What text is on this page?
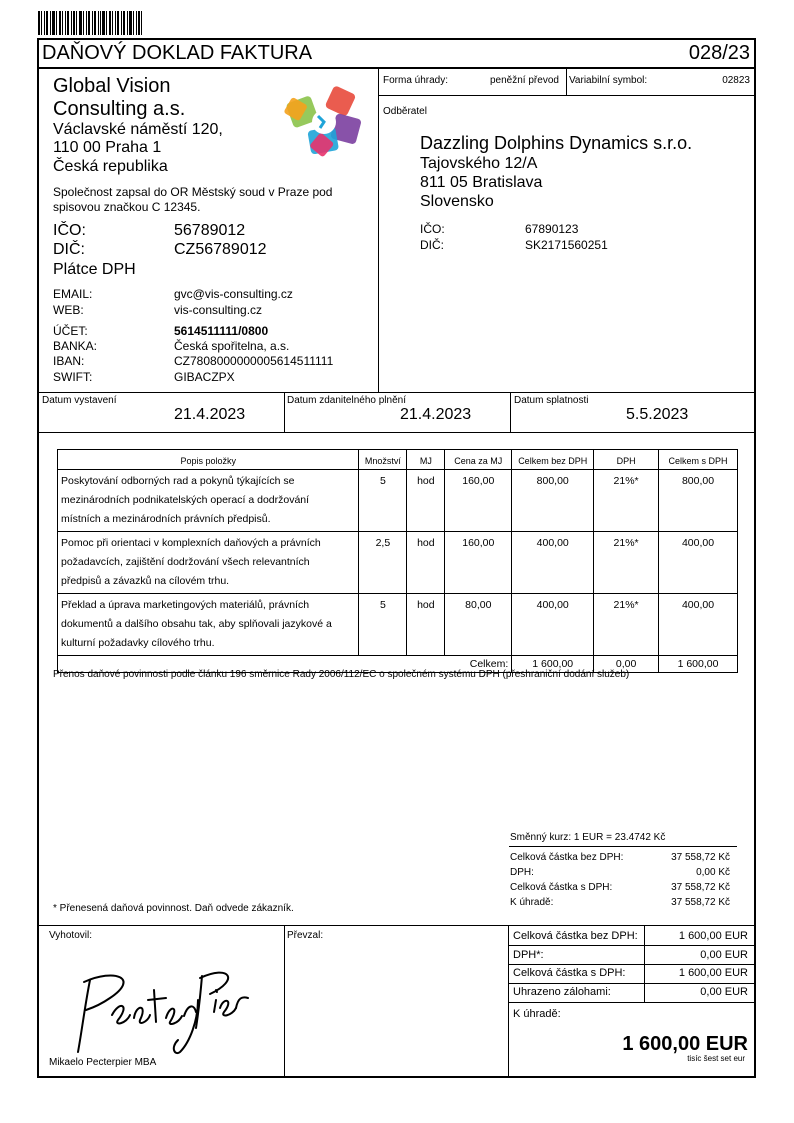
DAŇOVÝ DOKLAD FAKTURA	028/23
Global Vision
Consulting a.s.
Václavské náměstí 120,
110 00 Praha 1
Česká republika
Společnost zapsal do OR Městský soud v Praze pod
spisovou značkou C 12345.
IČO:	56789012
DIČ:	CZ56789012
Plátce DPH
EMAIL:	gvc@vis-consulting.cz
WEB:	vis-consulting.cz
ÚČET:	5614511111/0800
BANKA:	Česká spořitelna, a.s.
IBAN:	CZ7808000000005614511111
SWIFT:	GIBACZPX
Forma úhrady:	peněžní převod Variabilní symbol:	02823
Odběratel
Dazzling Dolphins Dynamics s.r.o.
Tajovského 12/A
811 05 Bratislava
Slovensko
IČO:	67890123
DIČ:	SK2171560251
Datum vystavení
21.4.2023
Datum zdanitelného plnění
21.4.2023
Datum splatnosti
5.5.2023
Popis položky	Množství	MJ	Cena za MJ	Celkem bez DPH	DPH	Celkem s DPH

Poskytování odborných rad a pokynů týkajících se
mezinárodních podnikatelských operací a dodržování
místních a mezinárodních právních předpisů.	5	hod	160,00	800,00	21%*	800,00

Pomoc při orientaci v komplexních daňových a právních
požadavcích, zajištění dodržování všech relevantních
předpisů a závazků na cílovém trhu.	2,5	hod	160,00	400,00	21%*	400,00

Překlad a úprava marketingových materiálů, právních
dokumentů a dalšího obsahu tak, aby splňovali jazykové a
kulturní požadavky cílového trhu.	5	hod	80,00	400,00	21%*	400,00
Celkem:				1 600,00	0,00	1 600,00
Přenos daňové povinnosti podle článku 196 směrnice Rady 2006/112/EC o společném systému DPH (přeshraniční dodání služeb)
Směnný kurz: 1 EUR = 23.4742 Kč
Celková částka bez DPH:	37 558,72 Kč
DPH:	0,00 Kč
Celková částka s DPH:	37 558,72 Kč
K úhradě:	37 558,72 Kč
* Přenesená daňová povinnost. Daň odvede zákazník.
Vyhotovil:
Mikaelo Pecterpier MBA
Převzal:	Celková částka bez DPH:	1 600,00 EUR
DPH*:	0,00 EUR
Celková částka s DPH:	1 600,00 EUR
Uhrazeno zálohami:	0,00 EUR
K úhradě:
1 600,00 EUR
tisíc šest set eur
